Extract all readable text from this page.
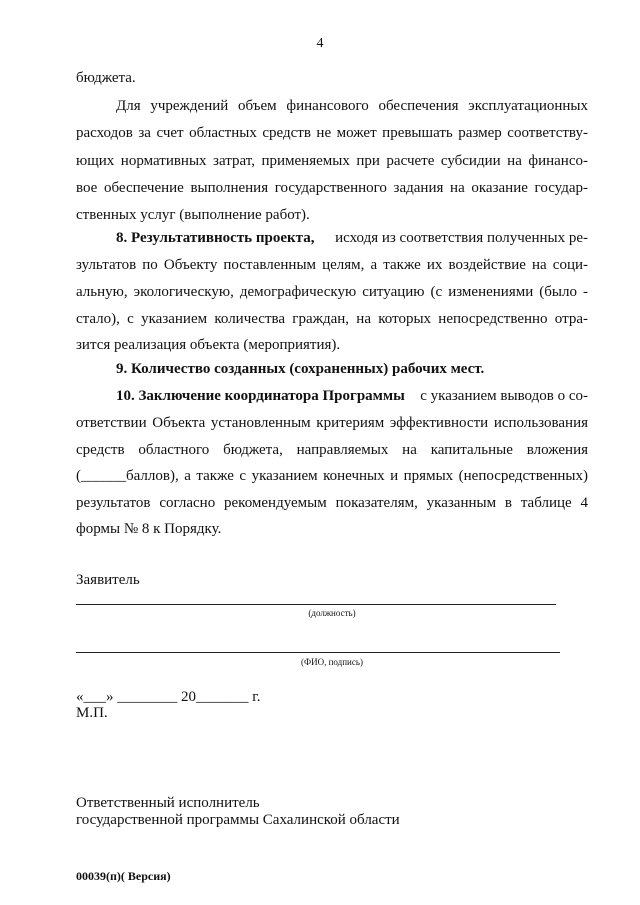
4
бюджета.
Для учреждений объем финансового обеспечения эксплуатационных
расходов за счет областных средств не может превышать размер соответству-
ющих нормативных затрат, применяемых при расчете субсидии на финансо-
вое обеспечение выполнения государственного задания на оказание государ-
ственных услуг (выполнение работ).
8. Результативность проекта,	исходя из соответствия полученных ре-
зультатов по Объекту поставленным целям, а также их воздействие на соци-
альную, экологическую, демографическую ситуацию (с изменениями (было -
стало), с указанием количества граждан, на которых непосредственно отра-
зится реализация объекта (мероприятия).
9. Количество созданных (сохраненных) рабочих мест.
10. Заключение координатора Программы с указанием выводов о со-
ответствии Объекта установленным критериям эффективности использования
средств областного бюджета, направляемых на капитальные вложения
(______баллов), а также с указанием конечных и прямых (непосредственных)
результатов согласно рекомендуемым показателям, указанным в таблице 4
формы № 8 к Порядку.
Заявитель
(должность)
(ФИО, подпись)
«___» ________ 20_______ г.
М.П.
Ответственный исполнитель
государственной программы Сахалинской области
00039(п)( Версия)
